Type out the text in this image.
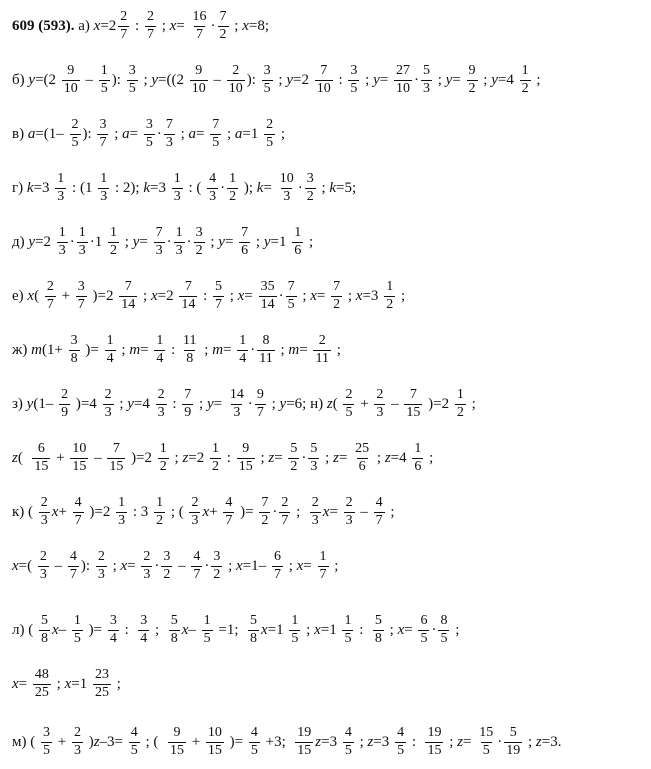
609 (593). а) $x =2 \frac{2}{7}$ : $\frac{2}{7}$ ; $x = \frac{16}{7} \cdot \frac{7}{2}$ ; x =8;
б) $y =(2 \frac{9}{10} - \frac{1}{5}$ ): $\frac{3}{5}$ ; $y =((2 \frac{9}{10} - \frac{2}{10}$ ): $\frac{3}{5}$ ; $y =2 \frac{7}{10}$ : $\frac{3}{5}$ ; $y = \frac{27}{10} \cdot \frac{5}{3}$ ; $y = \frac{9}{2}$ ; $y =4 \frac{1}{2}$ ;
в) $a =(1- \frac{2}{5}$ ): $\frac{3}{7}$ ; $a = \frac{3}{5} \cdot \frac{7}{3}$ ; $a = \frac{7}{5}$ ; $a =1 \frac{2}{5}$ ;
г) $k =3 \frac{1}{3}$ : ($1 \frac{1}{3}$ : 2); $k =3 \frac{1}{3}$ : ( $\frac{4}{3} \cdot \frac{1}{2}$ ); $k = \frac{10}{3} \cdot \frac{3}{2}$ ; k =5;
д) $y =2 \frac{1}{3} \cdot \frac{1}{3} \cdot 1 \frac{1}{2}$ ; $y = \frac{7}{3} \cdot \frac{1}{3} \cdot \frac{3}{2}$ ; $y = \frac{7}{6}$ ; $y =1 \frac{1}{6}$ ;
е) x ( $\frac{2}{7} + \frac{3}{7} )=2 \frac{7}{14}$ ; $x =2 \frac{7}{14}$ : $\frac{5}{7}$ ; $x = \frac{35}{14} \cdot \frac{7}{5}$ ; $x = \frac{7}{2}$ ; $x =3 \frac{1}{2}$ ;
ж) m ($1+ \frac{3}{8}$ )= $\frac{1}{4}$ ; $m = \frac{1}{4}$ : $\frac{11}{8}$ ; $m = \frac{1}{4} \cdot \frac{8}{11}$ ; $m = \frac{2}{11}$ ;
з) y $(1- \frac{2}{9} )=4 \frac{2}{3}$ ; $y =4 \frac{2}{3}$ : $\frac{7}{9}$ ; $y = \frac{14}{3} \cdot \frac{9}{7}$ ; y =6; н) z ( $\frac{2}{5} + \frac{2}{3} - \frac{7}{15} )=2 \frac{1}{2}$ ;
z ( $\frac{6}{15} + \frac{10}{15} - \frac{7}{15} )=2 \frac{1}{2}$ ; $z =2 \frac{1}{2}$ : $\frac{9}{15}$ ; $z = \frac{5}{2} \cdot \frac{5}{3}$ ; $z = \frac{25}{6}$ ; $z =4 \frac{1}{6}$ ;
к) ( $\frac{2}{3}$ $x + \frac{4}{7} )=2 \frac{1}{3}$ : $3 \frac{1}{2}$ ; ( $\frac{2}{3}$ $x + \frac{4}{7}$ )= $\frac{7}{2} \cdot \frac{2}{7}$ ; $\frac{2}{3}$ $x = \frac{2}{3} - \frac{4}{7}$ ;
x =( $\frac{2}{3} - \frac{4}{7}$ ): $\frac{2}{3}$ ; $x = \frac{2}{3} \cdot \frac{3}{2} - \frac{4}{7} \cdot \frac{3}{2}$ ; $x =1- \frac{6}{7}$ ; $x = \frac{1}{7}$ ;
л) ( $\frac{5}{8}$ x – $\frac{1}{5}$ )= $\frac{3}{4}$ : $\frac{3}{4}$ ; $\frac{5}{8}$ $x - \frac{1}{5} =1$; $\frac{5}{8}$ $x =1 \frac{1}{5}$ ; $x =1 \frac{1}{5}$ : $\frac{5}{8}$ ; $x = \frac{6}{5} \cdot \frac{8}{5}$ ;
$x = \frac{48}{25}$ ; $x =1 \frac{23}{25}$ ;
м) ( $\frac{3}{5} + \frac{2}{3}$ ) z $-3= \frac{4}{5}$ ; ( $\frac{9}{15} + \frac{10}{15}$ )= $\frac{4}{5} +3$; $\frac{19}{15}$ $z =3 \frac{4}{5}$ ; $z =3 \frac{4}{5}$ : $\frac{19}{15}$ ; $z = \frac{15}{5} \cdot \frac{5}{19}$ ; z =3.
